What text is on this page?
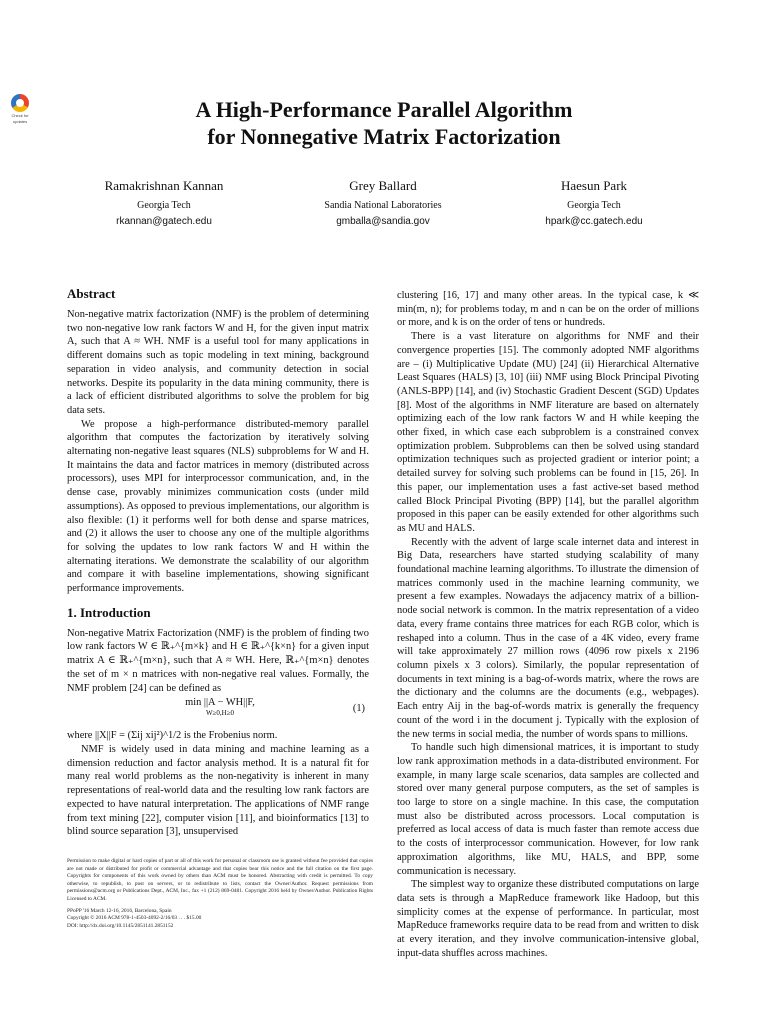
Check for
updates	A High-Performance Parallel Algorithm
for Nonnegative Matrix Factorization
Ramakrishnan Kannan
Georgia Tech
rkannan@gatech.edu
Grey Ballard
Sandia National Laboratories
gmballa@sandia.gov
Haesun Park
Georgia Tech
hpark@cc.gatech.edu
Abstract

Non-negative matrix factorization (NMF) is the problem of determining two non-negative low rank factors W and H, for the given input matrix A, such that A ≈ WH. NMF is a useful tool for many applications in different domains such as topic modeling in text mining, background separation in video analysis, and community detection in social networks. Despite its popularity in the data mining community, there is a lack of efficient distributed algorithms to solve the problem for big data sets.

We propose a high-performance distributed-memory parallel algorithm that computes the factorization by iteratively solving alternating non-negative least squares (NLS) subproblems for W and H. It maintains the data and factor matrices in memory (distributed across processors), uses MPI for interprocessor communication, and, in the dense case, provably minimizes communication costs (under mild assumptions). As opposed to previous implementations, our algorithm is also flexible: (1) it performs well for both dense and sparse matrices, and (2) it allows the user to choose any one of the multiple algorithms for solving the updates to low rank factors W and H within the alternating iterations. We demonstrate the scalability of our algorithm and compare it with baseline implementations, showing significant performance improvements.

1. Introduction

Non-negative Matrix Factorization (NMF) is the problem of finding two low rank factors W ∈ ℝ₊^{m×k} and H ∈ ℝ₊^{k×n} for a given input matrix A ∈ ℝ₊^{m×n}, such that A ≈ WH. Here, ℝ₊^{m×n} denotes the set of m × n matrices with non-negative real values. Formally, the NMF problem [24] can be defined as

min ||A − WH||F,
W≥0,H≥0	(1)

where ||X||F = (Σij xij²)^1/2 is the Frobenius norm.

NMF is widely used in data mining and machine learning as a dimension reduction and factor analysis method. It is a natural fit for many real world problems as the non-negativity is inherent in many representations of real-world data and the resulting low rank factors are expected to have natural interpretation. The applications of NMF range from text mining [22], computer vision [11], and bioinformatics [13] to blind source separation [3], unsupervised

clustering [16, 17] and many other areas. In the typical case, k ≪ min(m, n); for problems today, m and n can be on the order of millions or more, and k is on the order of tens or hundreds.

There is a vast literature on algorithms for NMF and their convergence properties [15]. The commonly adopted NMF algorithms are – (i) Multiplicative Update (MU) [24] (ii) Hierarchical Alternative Least Squares (HALS) [3, 10] (iii) NMF using Block Principal Pivoting (ANLS-BPP) [14], and (iv) Stochastic Gradient Descent (SGD) Updates [8]. Most of the algorithms in NMF literature are based on alternately optimizing each of the low rank factors W and H while keeping the other fixed, in which case each subproblem is a constrained convex optimization problem. Subproblems can then be solved using standard optimization techniques such as projected gradient or interior point; a detailed survey for solving such problems can be found in [15, 26]. In this paper, our implementation uses a fast active-set based method called Block Principal Pivoting (BPP) [14], but the parallel algorithm proposed in this paper can be easily extended for other algorithms such as MU and HALS.

Recently with the advent of large scale internet data and interest in Big Data, researchers have started studying scalability of many foundational machine learning algorithms. To illustrate the dimension of matrices commonly used in the machine learning community, we present a few examples. Nowadays the adjacency matrix of a billion-node social network is common. In the matrix representation of a video data, every frame contains three matrices for each RGB color, which is reshaped into a column. Thus in the case of a 4K video, every frame will take approximately 27 million rows (4096 row pixels x 2196 column pixels x 3 colors). Similarly, the popular representation of documents in text mining is a bag-of-words matrix, where the rows are the dictionary and the columns are the documents (e.g., webpages). Each entry Aij in the bag-of-words matrix is generally the frequency count of the word i in the document j. Typically with the explosion of the new terms in social media, the number of words spans to millions.

To handle such high dimensional matrices, it is important to study low rank approximation methods in a data-distributed environment. For example, in many large scale scenarios, data samples are collected and stored over many general purpose computers, as the set of samples is too large to store on a single machine. In this case, the computation must also be distributed across processors. Local computation is preferred as local access of data is much faster than remote access due to the costs of interprocessor communication. However, for low rank approximation algorithms, like MU, HALS, and BPP, some communication is necessary.

The simplest way to organize these distributed computations on large data sets is through a MapReduce framework like Hadoop, but this simplicity comes at the expense of performance. In particular, most MapReduce frameworks require data to be read from and written to disk at every iteration, and they involve communication-intensive global, input-data shuffles across machines.

Permission to make digital or hard copies of part or all of this work for personal or classroom use is granted without fee provided that copies are not made or distributed for profit or commercial advantage and that copies bear this notice and the full citation on the first page. Copyrights for components of this work owned by others than ACM must be honored. Abstracting with credit is permitted. To copy otherwise, to republish, to post on servers, or to redistribute to lists, contact the Owner/Author. Request permissions from permissions@acm.org or Publications Dept., ACM, Inc., fax +1 (212) 869-0481. Copyright 2016 held by Owner/Author. Publication Rights Licensed to ACM.
PPoPP '16 March 12-16, 2016, Barcelona, Spain
Copyright © 2016 ACM 978-1-4503-4092-2/16/03 . . . $15.00
DOI: http://dx.doi.org/10.1145/2851141.2851152
